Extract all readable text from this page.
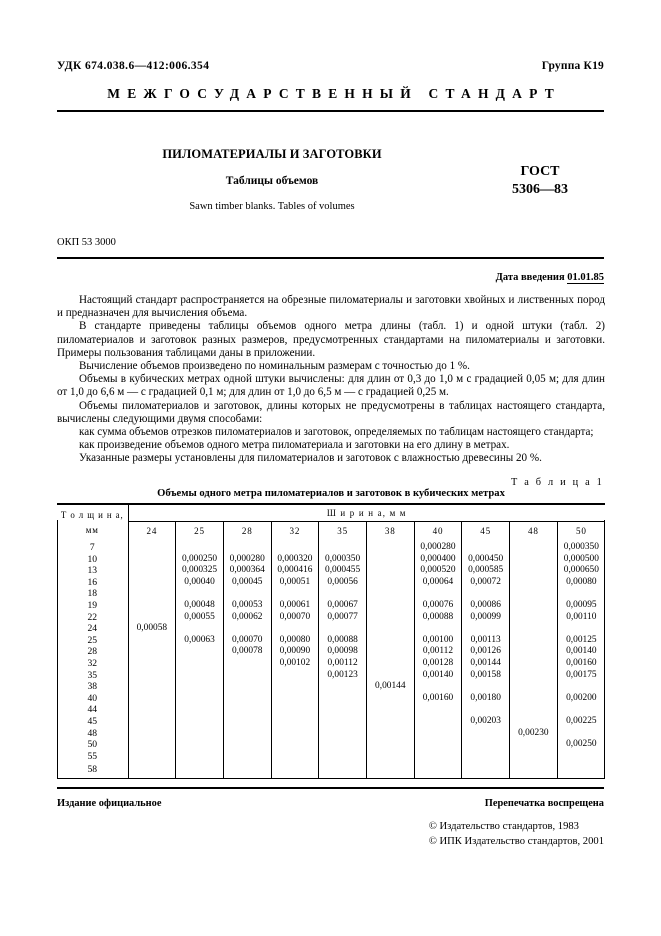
УДК 674.038.6—412:006.354	Группа К19
МЕЖГОСУДАРСТВЕННЫЙ СТАНДАРТ
ПИЛОМАТЕРИАЛЫ И ЗАГОТОВКИ
Таблицы объемов
Sawn timber blanks. Tables of volumes
ГОСТ
5306—83
ОКП 53 3000
Дата введения 01.01.85

Настоящий стандарт распространяется на обрезные пиломатериалы и заготовки хвойных и лиственных пород и предназначен для вычисления объема.

В стандарте приведены таблицы объемов одного метра длины (табл. 1) и одной штуки (табл. 2) пиломатериалов и заготовок разных размеров, предусмотренных стандартами на пиломатериалы и заготовки. Примеры пользования таблицами даны в приложении.

Вычисление объемов произведено по номинальным размерам с точностью до 1 %.

Объемы в кубических метрах одной штуки вычислены: для длин от 0,3 до 1,0 м с градацией 0,05 м; для длин от 1,0 до 6,6 м — с градацией 0,1 м; для длин от 1,0 до 6,5 м — с градацией 0,25 м.

Объемы пиломатериалов и заготовок, длины которых не предусмотрены в таблицах настоящего стандарта, вычислены следующими двумя способами:

как сумма объемов отрезков пиломатериалов и заготовок, определяемых по таблицам настоящего стандарта;

как произведение объемов одного метра пиломатериала и заготовки на его длину в метрах.

Указанные размеры установлены для пиломатериалов и заготовок с влажностью древесины 20 %.

Т а б л и ц а 1
Объемы одного метра пиломатериалов и заготовок в кубических метрах
Т о л щ и н а,
мм	Ш и р и н а, м м									
	24	25	28	32	35	38	40	45	48	50
7							0,000280			0,000350
10		0,000250	0,000280	0,000320	0,000350		0,000400	0,000450		0,000500
13		0,000325	0,000364	0,000416	0,000455		0,000520	0,000585		0,000650
16		0,00040	0,00045	0,00051	0,00056		0,00064	0,00072		0,00080
18										
19		0,00048	0,00053	0,00061	0,00067		0,00076	0,00086		0,00095
22		0,00055	0,00062	0,00070	0,00077		0,00088	0,00099		0,00110
24	0,00058									
25		0,00063	0,00070	0,00080	0,00088		0,00100	0,00113		0,00125
28			0,00078	0,00090	0,00098		0,00112	0,00126		0,00140
32				0,00102	0,00112		0,00128	0,00144		0,00160
35					0,00123		0,00140	0,00158		0,00175
38						0,00144				
40							0,00160	0,00180		0,00200
44										
45								0,00203		0,00225
48									0,00230	
50										0,00250
55										
58										
Издание официальное	Перепечатка воспрещена
© Издательство стандартов, 1983
© ИПК Издательство стандартов, 2001
